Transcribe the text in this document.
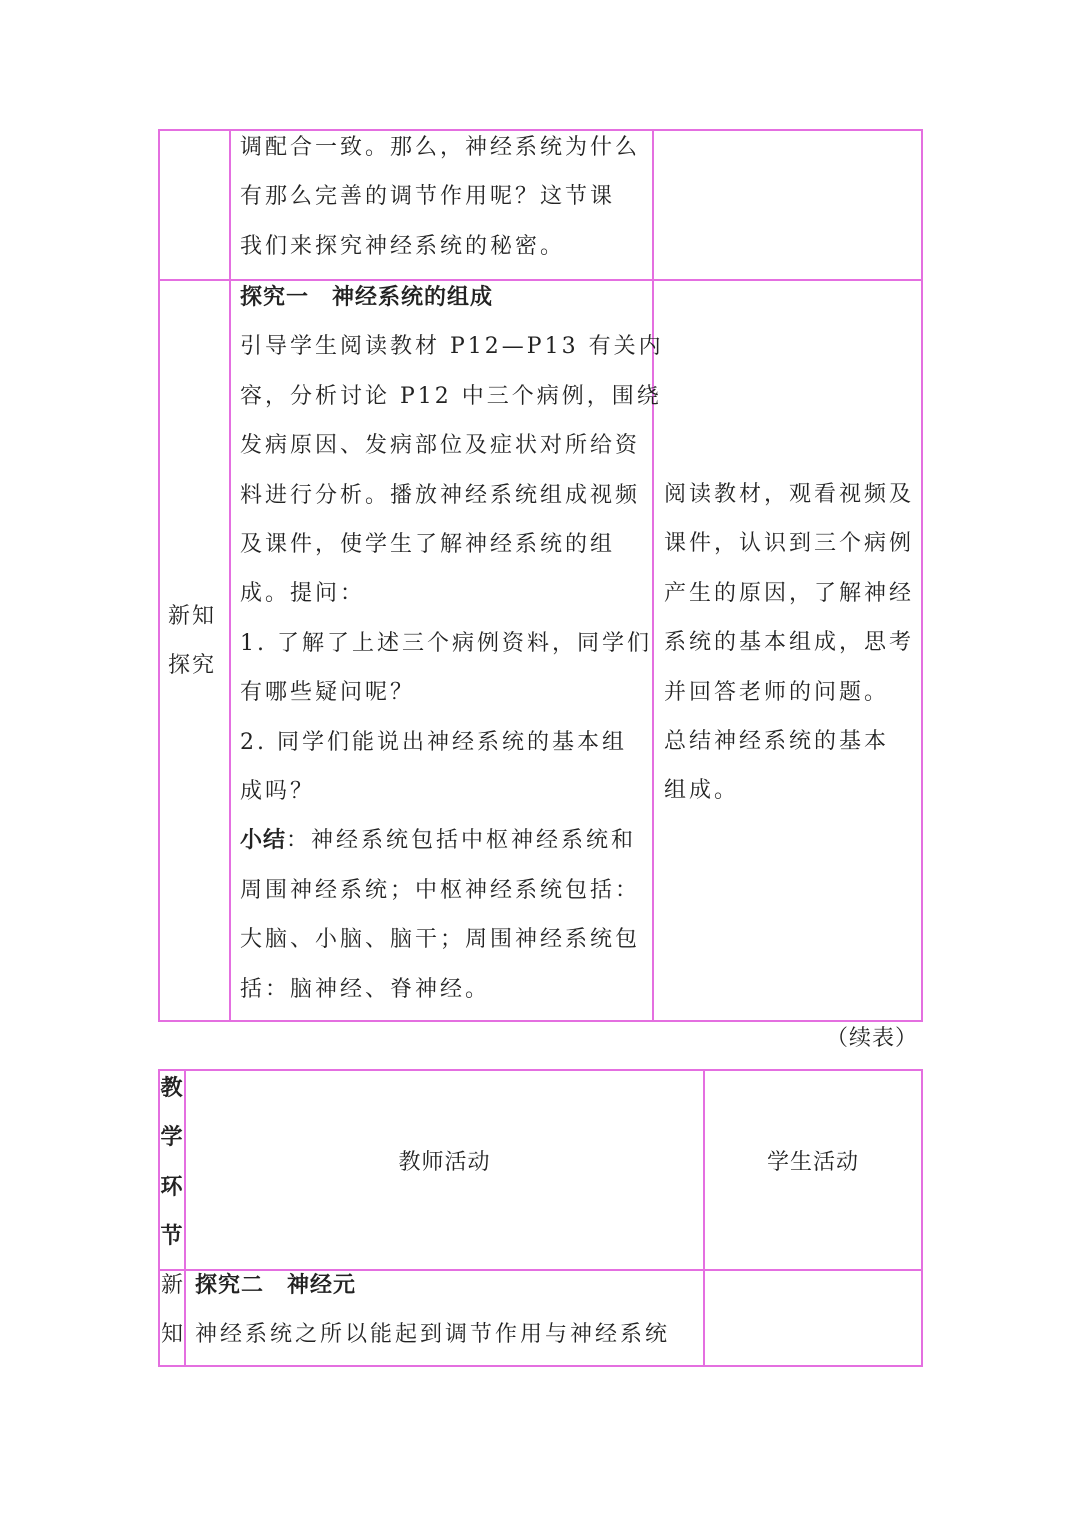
调配合一致。那么，神经系统为什么
有那么完善的调节作用呢？这节课
我们来探究神经系统的秘密。
新知
探究
探究一　神经系统的组成
引导学生阅读教材 P12—P13 有关内
容，分析讨论 P12 中三个病例，围绕
发病原因、发病部位及症状对所给资
料进行分析。播放神经系统组成视频
及课件，使学生了解神经系统的组
成。提问：
1. 了解了上述三个病例资料，同学们
有哪些疑问呢？
2. 同学们能说出神经系统的基本组
成吗？
小结：神经系统包括中枢神经系统和
周围神经系统；中枢神经系统包括：
大脑、小脑、脑干；周围神经系统包
括：脑神经、脊神经。
阅读教材，观看视频及
课件，认识到三个病例
产生的原因，了解神经
系统的基本组成，思考
并回答老师的问题。
总结神经系统的基本
组成。
（续表）
教
学
环
节
教师活动	学生活动
新
知
探究二　神经元
神经系统之所以能起到调节作用与神经系统
